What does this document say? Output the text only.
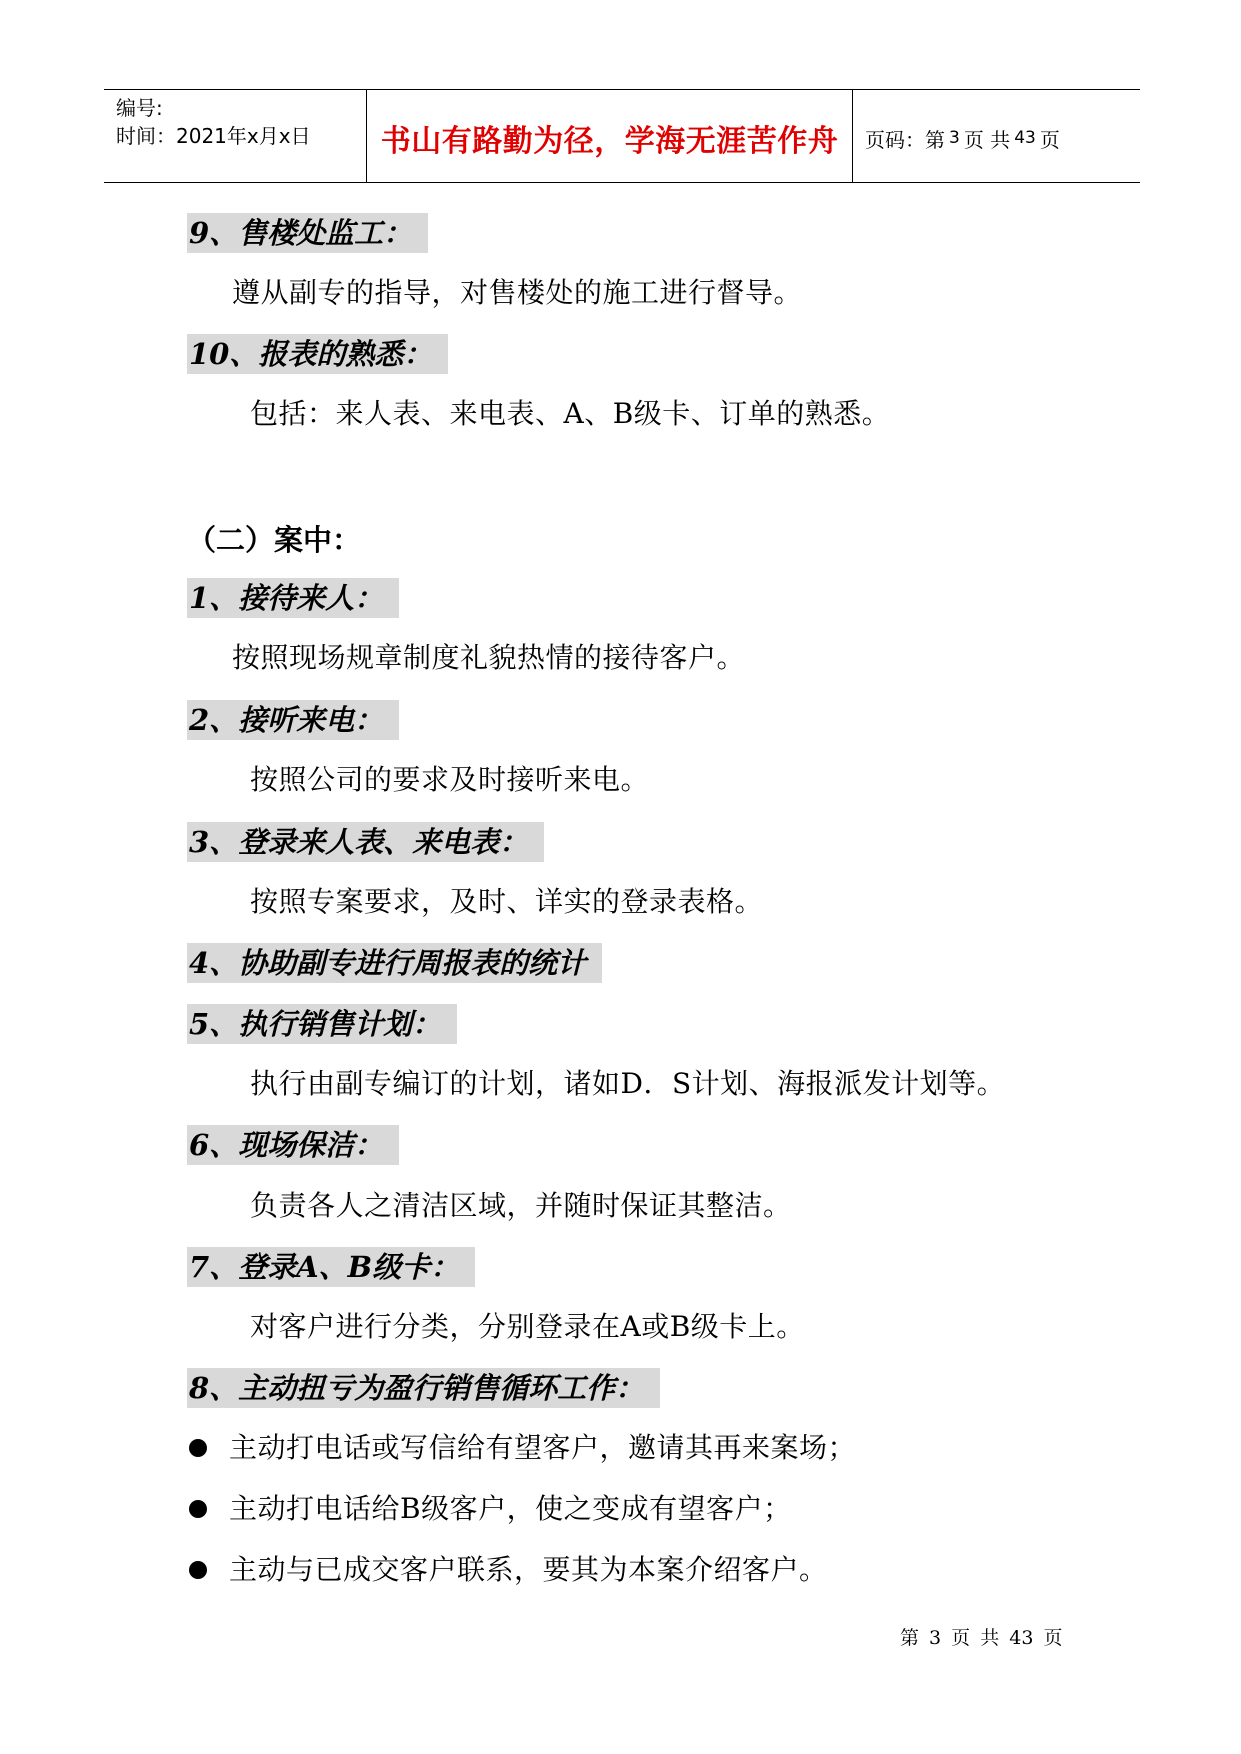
编号:
时间：2021年x月x日	书山有路勤为径，学海无涯苦作舟 页码：第 3 页 共 43 页
9、售楼处监工：
遵从副专的指导，对售楼处的施工进行督导。
10、报表的熟悉：
包括：来人表、来电表、A、B级卡、订单的熟悉。
（二）案中：
1、接待来人：
按照现场规章制度礼貌热情的接待客户。
2、接听来电：
按照公司的要求及时接听来电。
3、登录来人表、来电表：
按照专案要求，及时、详实的登录表格。
4、协助副专进行周报表的统计
5、执行销售计划：
执行由副专编订的计划，诸如D．S计划、海报派发计划等。
6、现场保洁：
负责各人之清洁区域，并随时保证其整洁。
7、登录A、B级卡：
对客户进行分类，分别登录在A或B级卡上。
8、主动扭亏为盈行销售循环工作：
主动打电话或写信给有望客户，邀请其再来案场；
主动打电话给B级客户，使之变成有望客户；
主动与已成交客户联系，要其为本案介绍客户。
第 3 页 共 43 页
